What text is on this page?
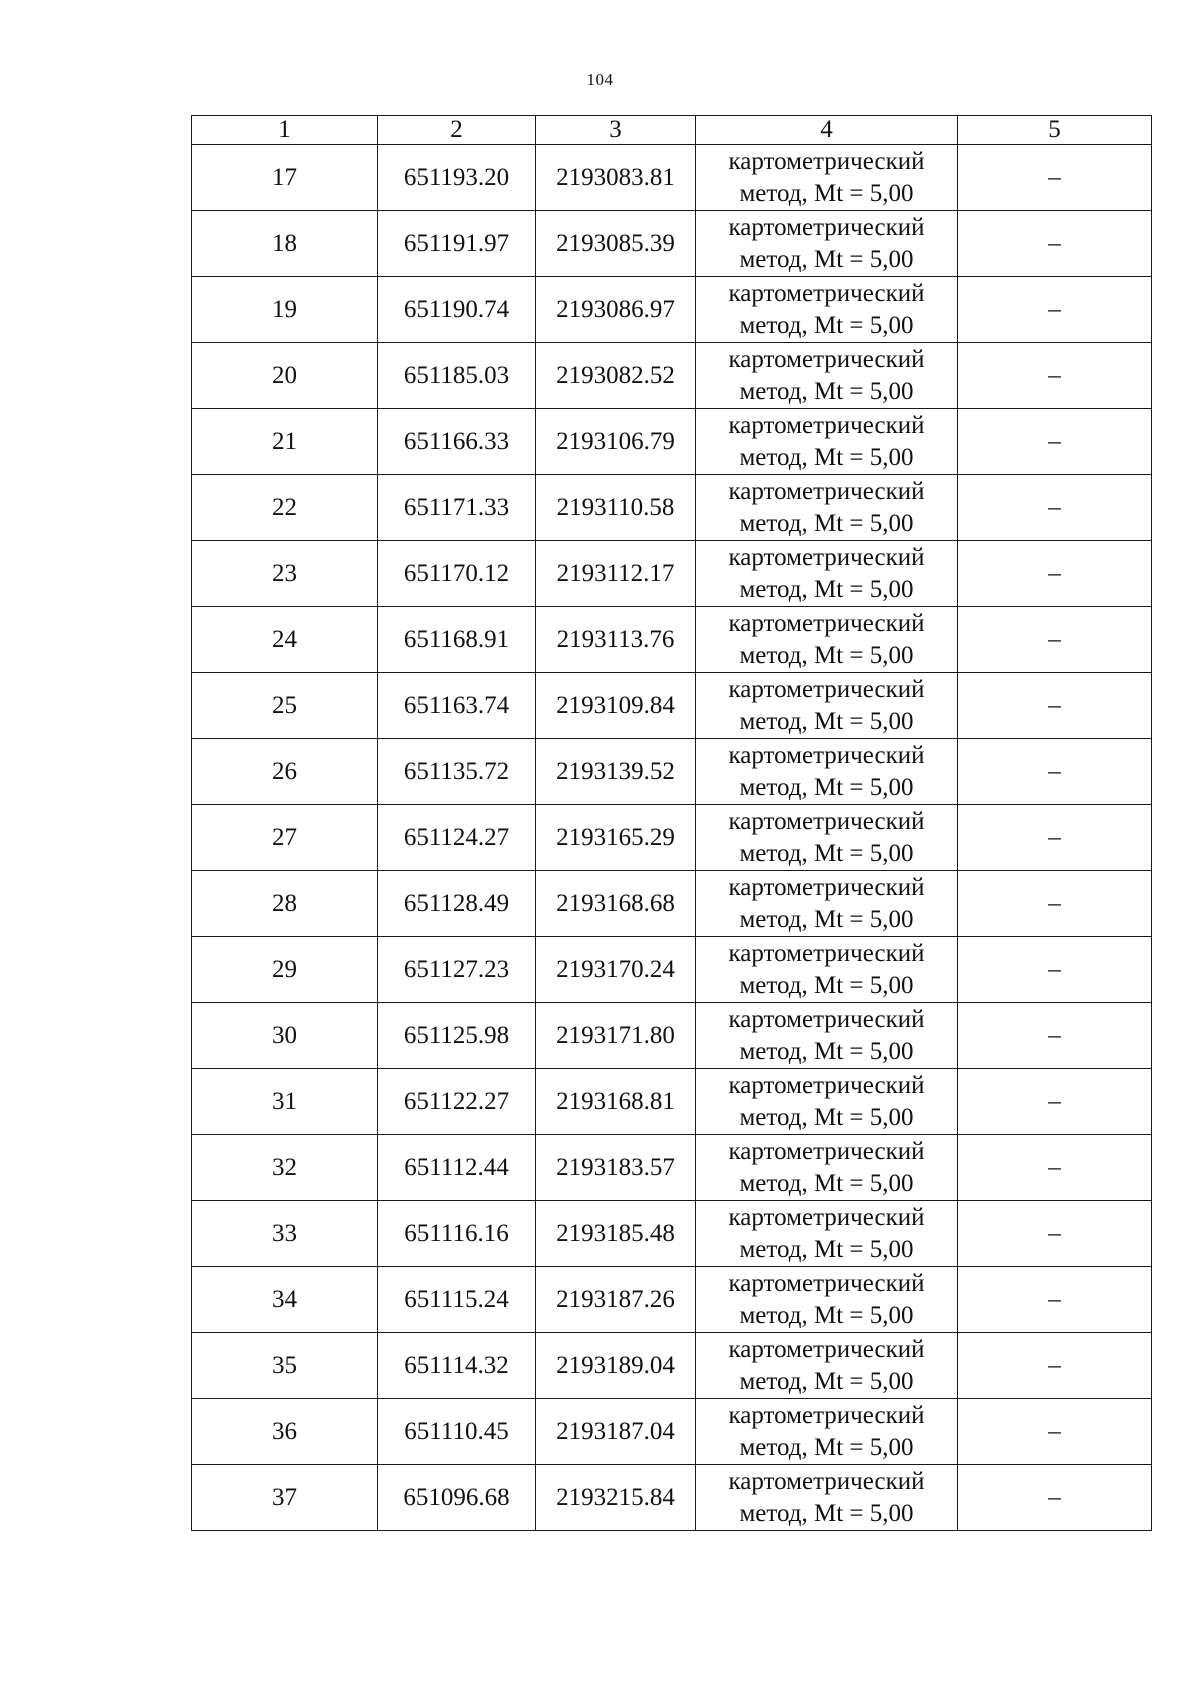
104
1	2	3	4	5
17	651193.20	2193083.81	картометрический
метод, Mt = 5,00	–
18	651191.97	2193085.39	картометрический
метод, Mt = 5,00	–
19	651190.74	2193086.97	картометрический
метод, Mt = 5,00	–
20	651185.03	2193082.52	картометрический
метод, Mt = 5,00	–
21	651166.33	2193106.79	картометрический
метод, Mt = 5,00	–
22	651171.33	2193110.58	картометрический
метод, Mt = 5,00	–
23	651170.12	2193112.17	картометрический
метод, Mt = 5,00	–
24	651168.91	2193113.76	картометрический
метод, Mt = 5,00	–
25	651163.74	2193109.84	картометрический
метод, Mt = 5,00	–
26	651135.72	2193139.52	картометрический
метод, Mt = 5,00	–
27	651124.27	2193165.29	картометрический
метод, Mt = 5,00	–
28	651128.49	2193168.68	картометрический
метод, Mt = 5,00	–
29	651127.23	2193170.24	картометрический
метод, Mt = 5,00	–
30	651125.98	2193171.80	картометрический
метод, Mt = 5,00	–
31	651122.27	2193168.81	картометрический
метод, Mt = 5,00	–
32	651112.44	2193183.57	картометрический
метод, Mt = 5,00	–
33	651116.16	2193185.48	картометрический
метод, Mt = 5,00	–
34	651115.24	2193187.26	картометрический
метод, Mt = 5,00	–
35	651114.32	2193189.04	картометрический
метод, Mt = 5,00	–
36	651110.45	2193187.04	картометрический
метод, Mt = 5,00	–
37	651096.68	2193215.84	картометрический
метод, Mt = 5,00	–
